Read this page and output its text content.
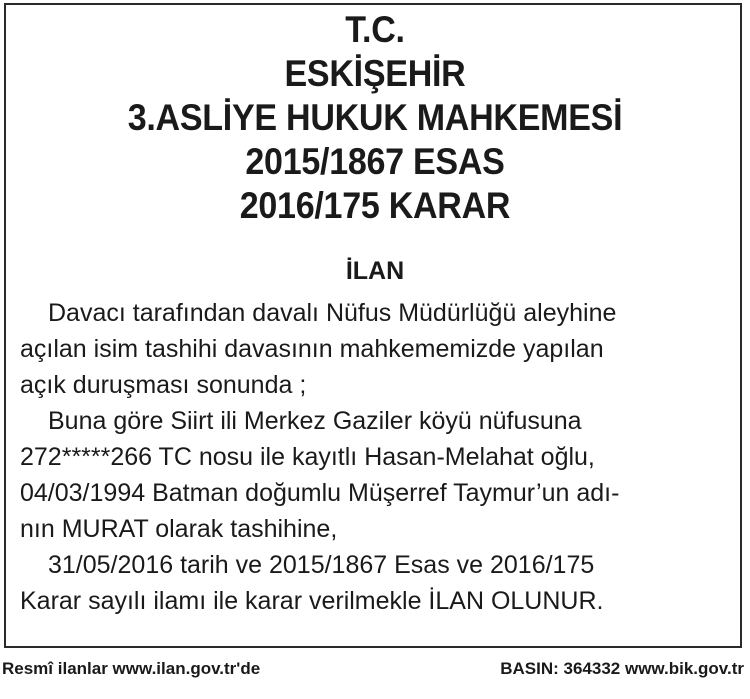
T.C.
ESKİŞEHİR
3.ASLİYE HUKUK MAHKEMESİ
2015/1867 ESAS
2016/175 KARAR
İLAN
Davacı tarafından davalı Nüfus Müdürlüğü aleyhine
açılan isim tashihi davasının mahkememizde yapılan
açık duruşması sonunda ;
Buna göre Siirt ili Merkez Gaziler köyü nüfusuna
272*****266 TC nosu ile kayıtlı Hasan-Melahat oğlu,
04/03/1994 Batman doğumlu Müşerref Taymur’un adı-
nın MURAT olarak tashihine,
31/05/2016 tarih ve 2015/1867 Esas ve 2016/175
Karar sayılı ilamı ile karar verilmekle İLAN OLUNUR.
Resmî ilanlar www.ilan.gov.tr'de	BASIN: 364332 www.bik.gov.tr
